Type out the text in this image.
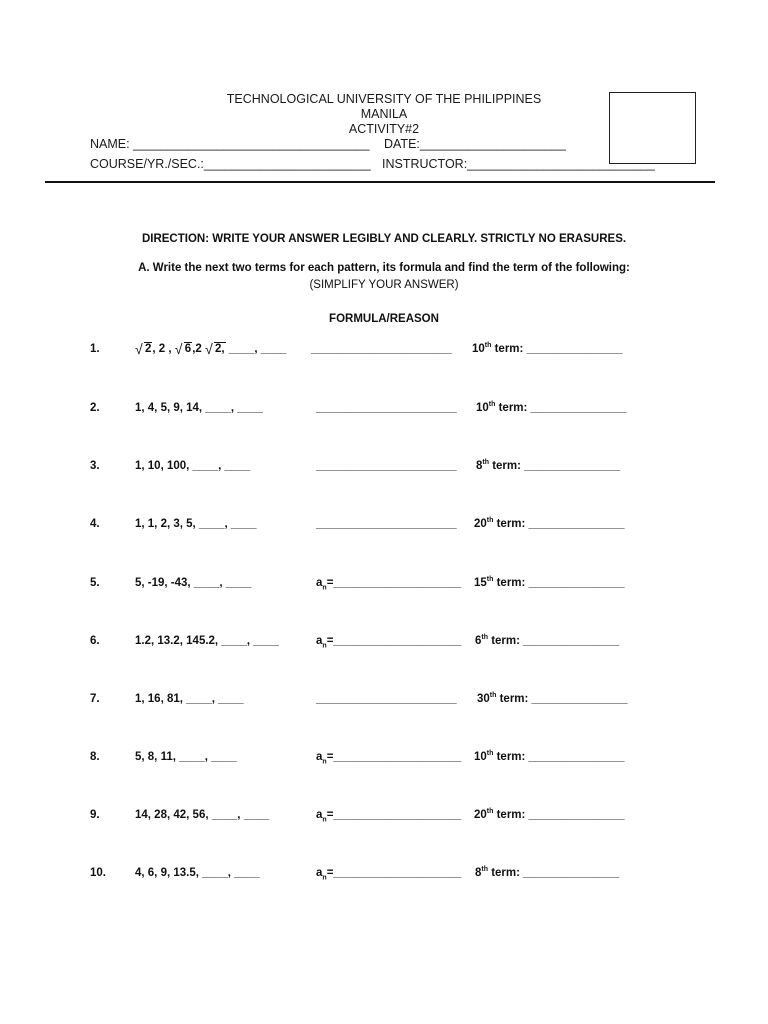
TECHNOLOGICAL UNIVERSITY OF THE PHILIPPINES
MANILA
ACTIVITY#2
NAME: __________________________________ DATE:_____________________
COURSE/YR./SEC.:________________________ INSTRUCTOR:___________________________
DIRECTION: WRITE YOUR ANSWER LEGIBLY AND CLEARLY. STRICTLY NO ERASURES.
A. Write the next two terms for each pattern, its formula and find the term of the following:
(SIMPLIFY YOUR ANSWER)
FORMULA/REASON
1.	√ 2, 2 , √ 6,2 √ 2, ____, ____ ______________________ 10th term: _______________
2.	1, 4, 5, 9, 14, ____, ____	______________________ 10th term: _______________
3.	1, 10, 100, ____, ____	______________________ 8th term: _______________
4.	1, 1, 2, 3, 5, ____, ____	______________________ 20th term: _______________
5.	5, -19, -43, ____, ____	$a_n=\_\_\_\_\_\_\_\_\_\_\_\_\_\_\_\_\_\_\_\_$ 15th term: _______________
6.	1.2, 13.2, 145.2, ____, ____	$a_n=\_\_\_\_\_\_\_\_\_\_\_\_\_\_\_\_\_\_\_\_$ 6th term: _______________
7.	1, 16, 81, ____, ____	______________________ 30th term: _______________
8.	5, 8, 11, ____, ____	$a_n=\_\_\_\_\_\_\_\_\_\_\_\_\_\_\_\_\_\_\_\_$ 10th term: _______________
9.	14, 28, 42, 56, ____, ____	$a_n=\_\_\_\_\_\_\_\_\_\_\_\_\_\_\_\_\_\_\_\_$ 20th term: _______________
10.	4, 6, 9, 13.5, ____, ____	$a_n=\_\_\_\_\_\_\_\_\_\_\_\_\_\_\_\_\_\_\_\_$ 8th term: _______________
